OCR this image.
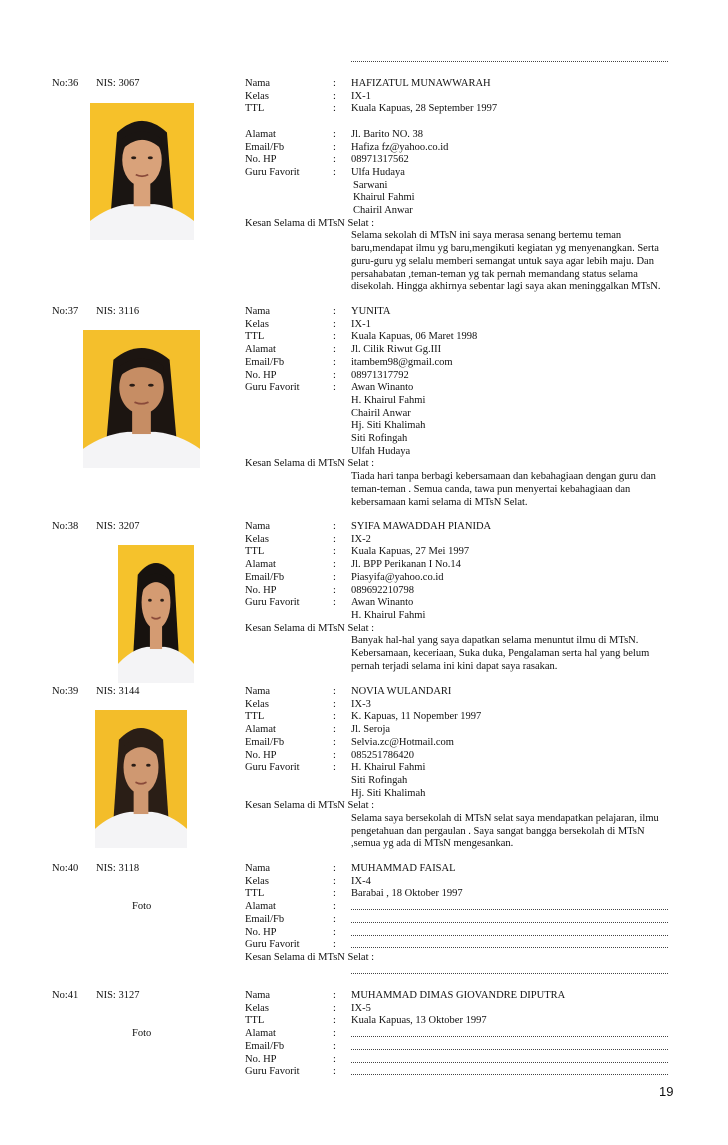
No:36 NIS: 3067	Nama	: HAFIZATUL MUNAWWARAH
Kelas	: IX-1
TTL	: Kuala Kapuas, 28 September 1997
Alamat	: Jl. Barito NO. 38
Email/Fb	: Hafiza fz@yahoo.co.id
No. HP	: 08971317562
Guru Favorit	: Ulfa Hudaya
Sarwani
Khairul Fahmi
Chairil Anwar
Kesan Selama di MTsN Selat :
Selama sekolah di MTsN ini saya merasa senang bertemu teman
baru,mendapat ilmu yg baru,mengikuti kegiatan yg menyenangkan. Serta
guru-guru yg selalu memberi semangat untuk saya agar lebih maju. Dan
persahabatan ,teman-teman yg tak pernah memandang status selama
disekolah. Hingga akhirnya sebentar lagi saya akan meninggalkan MTsN.
No:37 NIS: 3116	Nama	: YUNITA
Kelas	: IX-1
TTL	: Kuala Kapuas, 06 Maret 1998
Alamat	: Jl. Cilik Riwut Gg.III
Email/Fb	: itambem98@gmail.com
No. HP	: 08971317792
Guru Favorit	: Awan Winanto
H. Khairul Fahmi
Chairil Anwar
Hj. Siti Khalimah
Siti Rofingah
Ulfah Hudaya
Kesan Selama di MTsN Selat :
Tiada hari tanpa berbagi kebersamaan dan kebahagiaan dengan guru dan
teman-teman . Semua canda, tawa pun menyertai kebahagiaan dan
kebersamaan kami selama di MTsN Selat.
No:38 NIS: 3207	Nama	: SYIFA MAWADDAH PIANIDA
Kelas	: IX-2
TTL	: Kuala Kapuas, 27 Mei 1997
Alamat	: Jl. BPP Perikanan I No.14
Email/Fb	: Piasyifa@yahoo.co.id
No. HP	: 089692210798
Guru Favorit	: Awan Winanto
H. Khairul Fahmi
Kesan Selama di MTsN Selat :
Banyak hal-hal yang saya dapatkan selama menuntut ilmu di MTsN.
Kebersamaan, keceriaan, Suka duka, Pengalaman serta hal yang belum
pernah terjadi selama ini kini dapat saya rasakan.
No:39 NIS: 3144	Nama	: NOVIA WULANDARI
Kelas	: IX-3
TTL	: K. Kapuas, 11 Nopember 1997
Alamat	: Jl. Seroja
Email/Fb	: Selvia.zc@Hotmail.com
No. HP	: 085251786420
Guru Favorit	: H. Khairul Fahmi
Siti Rofingah
Hj. Siti Khalimah
Kesan Selama di MTsN Selat :
Selama saya bersekolah di MTsN selat saya mendapatkan pelajaran, ilmu
pengetahuan dan pergaulan . Saya sangat bangga bersekolah di MTsN
,semua yg ada di MTsN mengesankan.
No:40 NIS: 3118
Foto
Nama	: MUHAMMAD FAISAL
Kelas	: IX-4
TTL	: Barabai , 18 Oktober 1997
Alamat	:
Email/Fb	:
No. HP	:
Guru Favorit	:
Kesan Selama di MTsN Selat :
No:41 NIS: 3127
Foto
Nama	: MUHAMMAD DIMAS GIOVANDRE DIPUTRA
Kelas	: IX-5
TTL	: Kuala Kapuas, 13 Oktober 1997
Alamat	:
Email/Fb	:
No. HP	:
Guru Favorit	:
19
